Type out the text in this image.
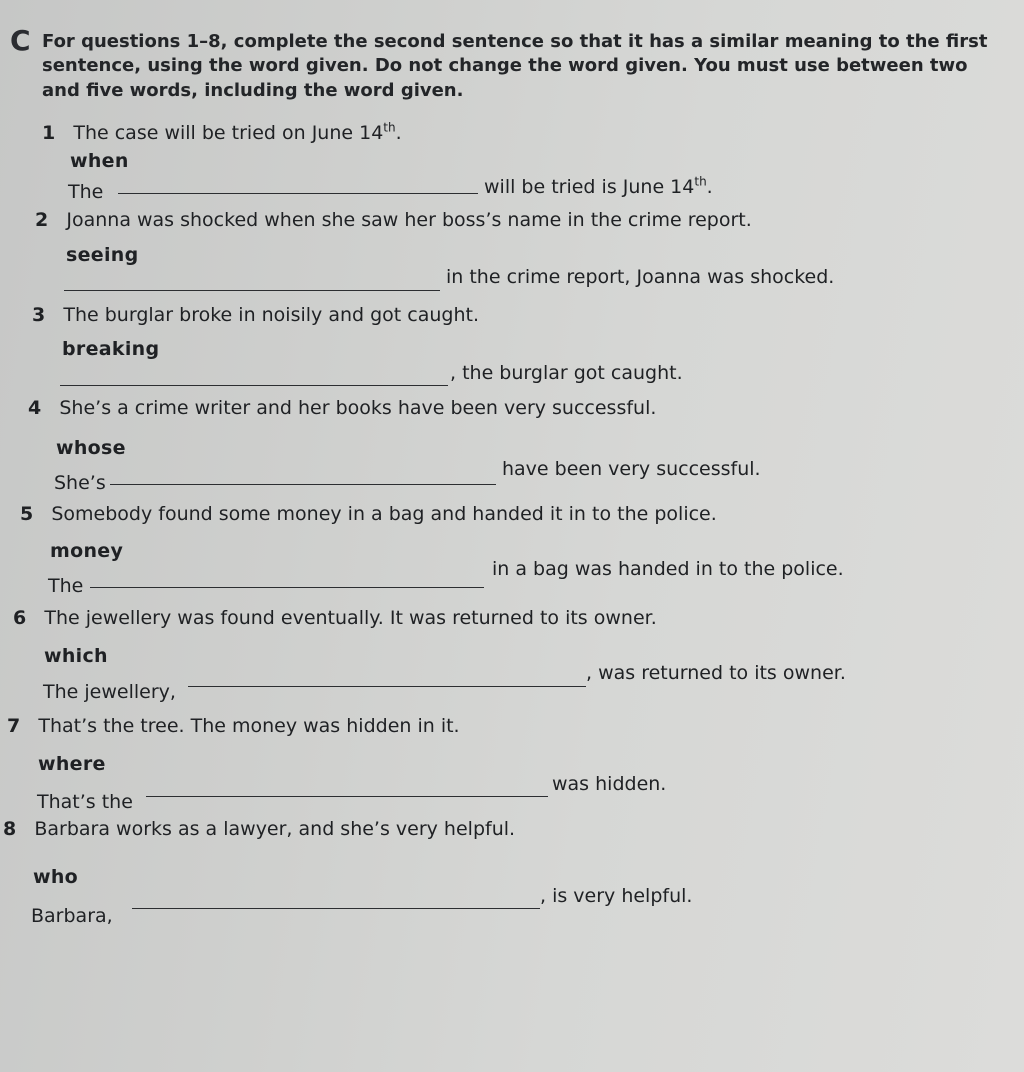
C For questions 1–8, complete the second sentence so that it has a similar meaning to the first
sentence, using the word given. Do not change the word given. You must use between two
and five words, including the word given.
1 The case will be tried on June 14th.
when
The	will be tried is June 14th.
2 Joanna was shocked when she saw her boss’s name in the crime report.
seeing
in the crime report, Joanna was shocked.
3 The burglar broke in noisily and got caught.
breaking
, the burglar got caught.
4 She’s a crime writer and her books have been very successful.
whose
She’s
have been very successful.
5 Somebody found some money in a bag and handed it in to the police.
money
The
in a bag was handed in to the police.
6 The jewellery was found eventually. It was returned to its owner.
which
The jewellery,
, was returned to its owner.
7 That’s the tree. The money was hidden in it.
where
That’s the
was hidden.
8 Barbara works as a lawyer, and she’s very helpful.
who
Barbara,
, is very helpful.
